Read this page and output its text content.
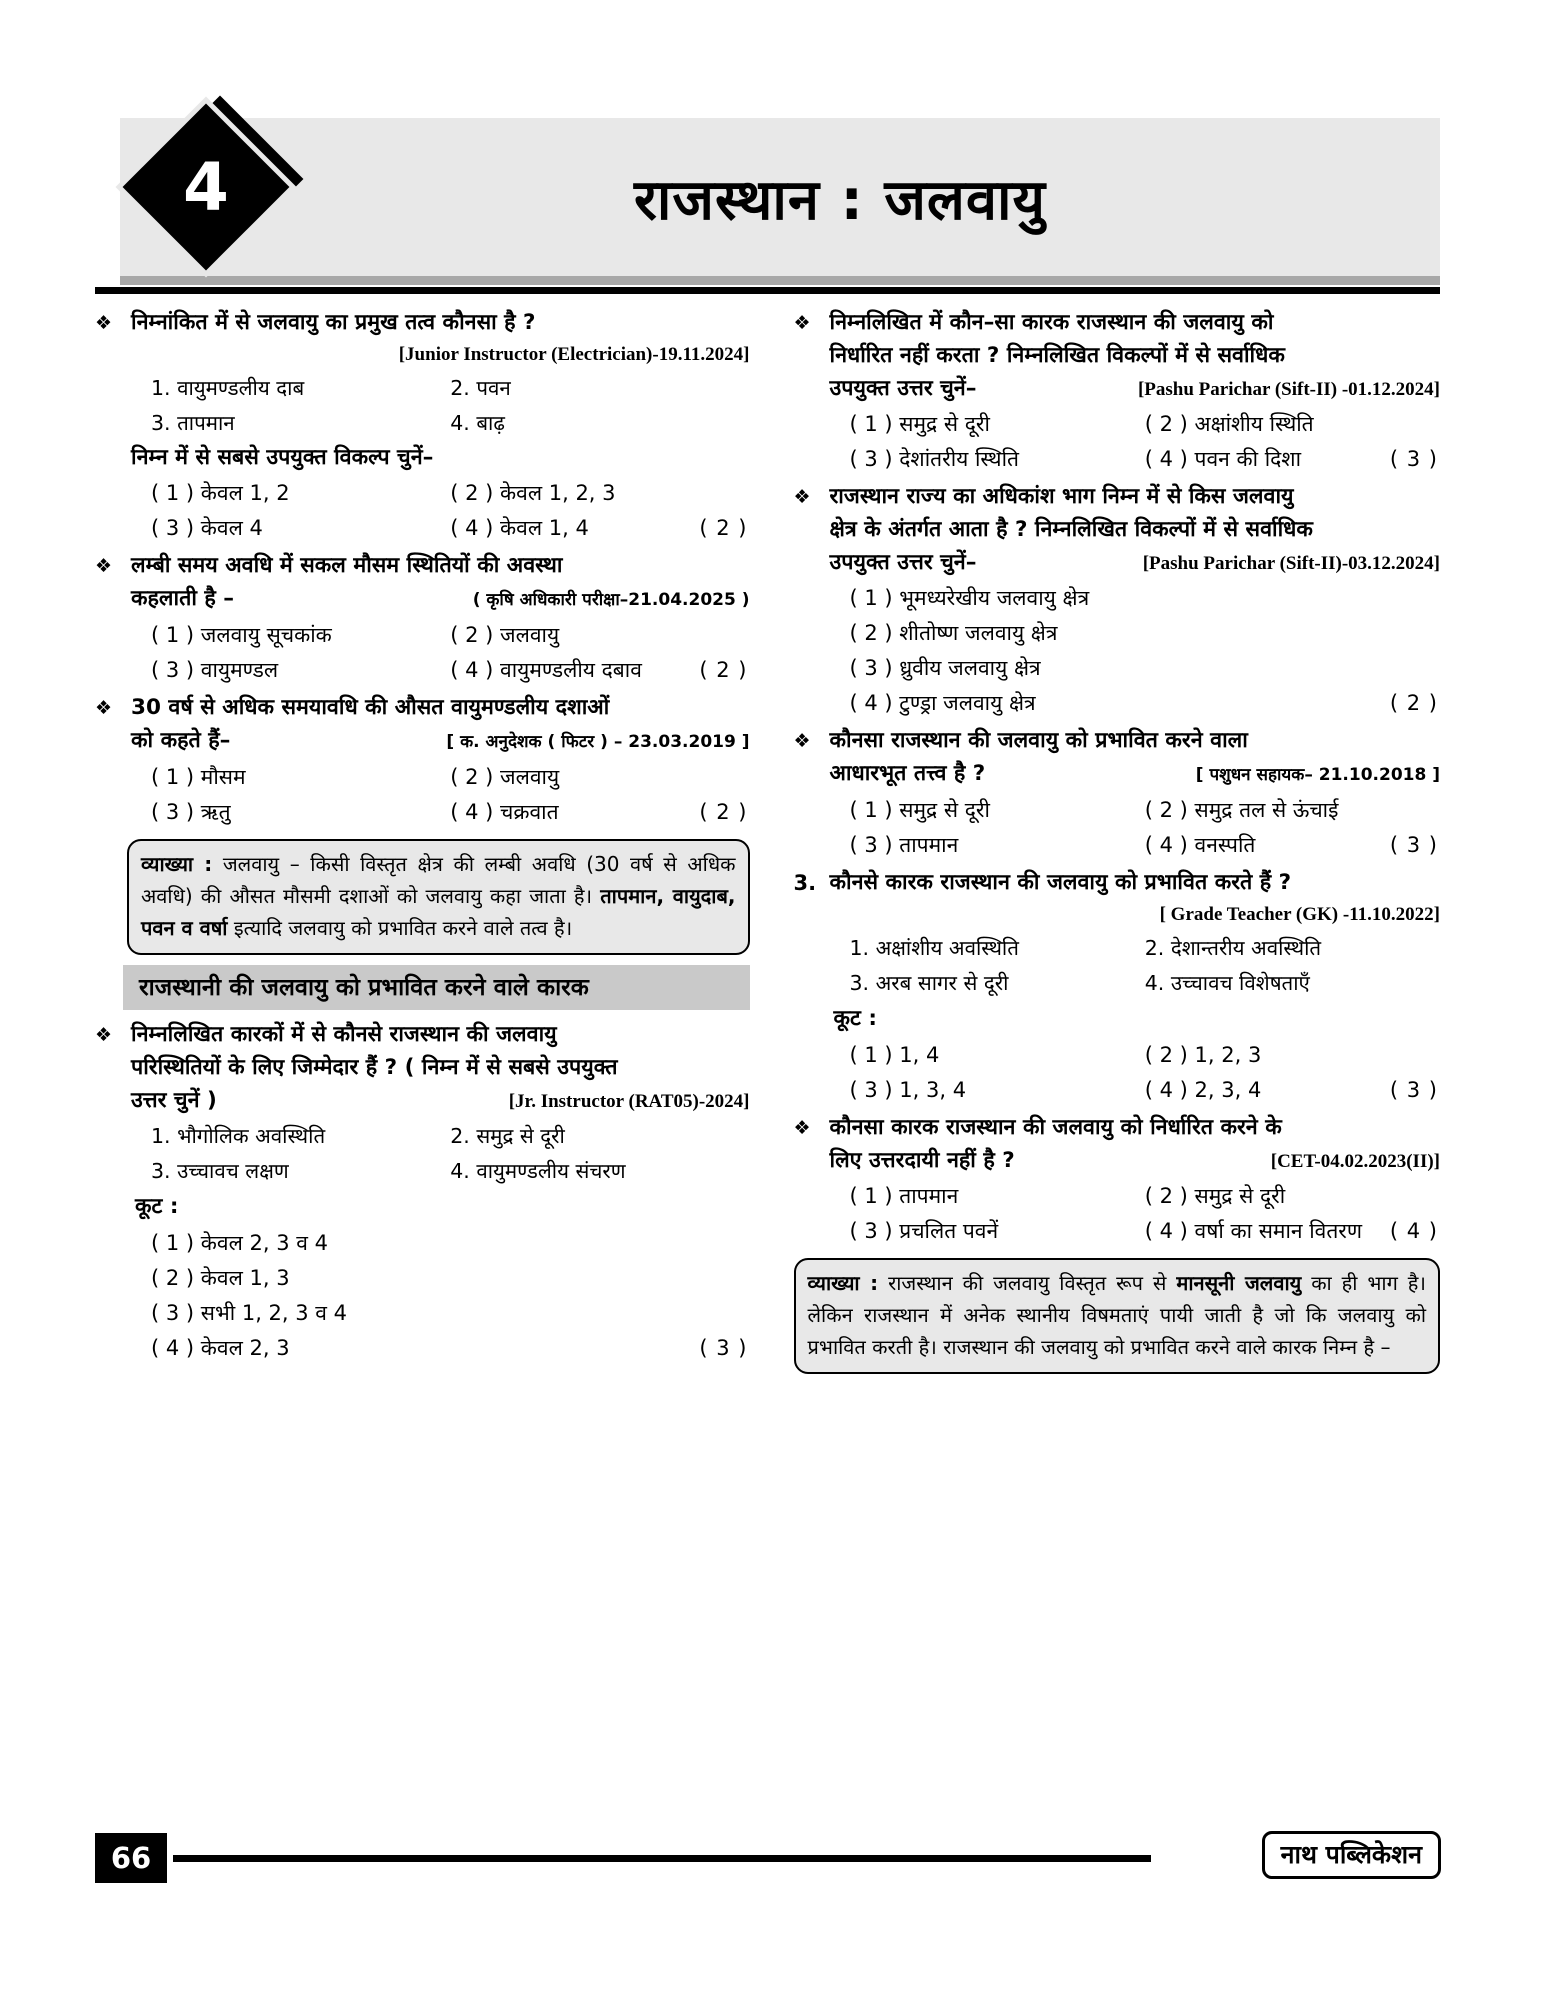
4	राजस्थान : जलवायु
❖ निम्नांकित में से जलवायु का प्रमुख तत्व कौनसा है ?
[Junior Instructor (Electrician)-19.11.2024]
1. वायुमण्डलीय दाब	2. पवन
3. तापमान	4. बाढ़
निम्न में से सबसे उपयुक्त विकल्प चुनें–
( 1 ) केवल 1, 2	( 2 ) केवल 1, 2, 3
( 3 ) केवल 4	( 4 ) केवल 1, 4	( 2 )
❖ लम्बी समय अवधि में सकल मौसम स्थितियों की अवस्था
कहलाती है –	( कृषि अधिकारी परीक्षा–21.04.2025 )
( 1 ) जलवायु सूचकांक	( 2 ) जलवायु
( 3 ) वायुमण्डल	( 4 ) वायुमण्डलीय दबाव	( 2 )
❖ 30 वर्ष से अधिक समयावधि की औसत वायुमण्डलीय दशाओं
को कहते हैं–	[ क. अनुदेशक ( फिटर ) – 23.03.2019 ]
( 1 ) मौसम	( 2 ) जलवायु
( 3 ) ऋतु	( 4 ) चक्रवात	( 2 )
व्याख्या : जलवायु – किसी विस्तृत क्षेत्र की लम्बी अवधि (30 वर्ष से अधिक अवधि) की औसत मौसमी दशाओं को जलवायु कहा जाता है। तापमान, वायुदाब, पवन व वर्षा इत्यादि जलवायु को प्रभावित करने वाले तत्व है।
राजस्थानी की जलवायु को प्रभावित करने वाले कारक
❖ निम्नलिखित कारकों में से कौनसे राजस्थान की जलवायु
परिस्थितियों के लिए जिम्मेदार हैं ? ( निम्न में से सबसे उपयुक्त
उत्तर चुनें )	[Jr. Instructor (RAT05)-2024]
1. भौगोलिक अवस्थिति	2. समुद्र से दूरी
3. उच्चावच लक्षण	4. वायुमण्डलीय संचरण
कूट :
( 1 ) केवल 2, 3 व 4
( 2 ) केवल 1, 3
( 3 ) सभी 1, 2, 3 व 4
( 4 ) केवल 2, 3	( 3 )
❖ निम्नलिखित में कौन–सा कारक राजस्थान की जलवायु को
निर्धारित नहीं करता ? निम्नलिखित विकल्पों में से सर्वाधिक
उपयुक्त उत्तर चुनें–	[Pashu Parichar (Sift-II) -01.12.2024]
( 1 ) समुद्र से दूरी	( 2 ) अक्षांशीय स्थिति
( 3 ) देशांतरीय स्थिति	( 4 ) पवन की दिशा	( 3 )
❖ राजस्थान राज्य का अधिकांश भाग निम्न में से किस जलवायु
क्षेत्र के अंतर्गत आता है ? निम्नलिखित विकल्पों में से सर्वाधिक
उपयुक्त उत्तर चुनें–	[Pashu Parichar (Sift-II)-03.12.2024]
( 1 ) भूमध्यरेखीय जलवायु क्षेत्र
( 2 ) शीतोष्ण जलवायु क्षेत्र
( 3 ) ध्रुवीय जलवायु क्षेत्र
( 4 ) टुण्ड्रा जलवायु क्षेत्र	( 2 )
❖ कौनसा राजस्थान की जलवायु को प्रभावित करने वाला
आधारभूत तत्त्व है ?	[ पशुधन सहायक– 21.10.2018 ]
( 1 ) समुद्र से दूरी	( 2 ) समुद्र तल से ऊंचाई
( 3 ) तापमान	( 4 ) वनस्पति	( 3 )
3. कौनसे कारक राजस्थान की जलवायु को प्रभावित करते हैं ?
[ Grade Teacher (GK) -11.10.2022]
1. अक्षांशीय अवस्थिति	2. देशान्तरीय अवस्थिति
3. अरब सागर से दूरी	4. उच्चावच विशेषताएँ
कूट :
( 1 ) 1, 4	( 2 ) 1, 2, 3
( 3 ) 1, 3, 4	( 4 ) 2, 3, 4	( 3 )
❖ कौनसा कारक राजस्थान की जलवायु को निर्धारित करने के
लिए उत्तरदायी नहीं है ?	[CET-04.02.2023(II)]
( 1 ) तापमान	( 2 ) समुद्र से दूरी
( 3 ) प्रचलित पवनें	( 4 ) वर्षा का समान वितरण	( 4 )
व्याख्या : राजस्थान की जलवायु विस्तृत रूप से मानसूनी जलवायु का ही भाग है। लेकिन राजस्थान में अनेक स्थानीय विषमताएं पायी जाती है जो कि जलवायु को प्रभावित करती है। राजस्थान की जलवायु को प्रभावित करने वाले कारक निम्न है –
66	नाथ पब्लिकेशन
